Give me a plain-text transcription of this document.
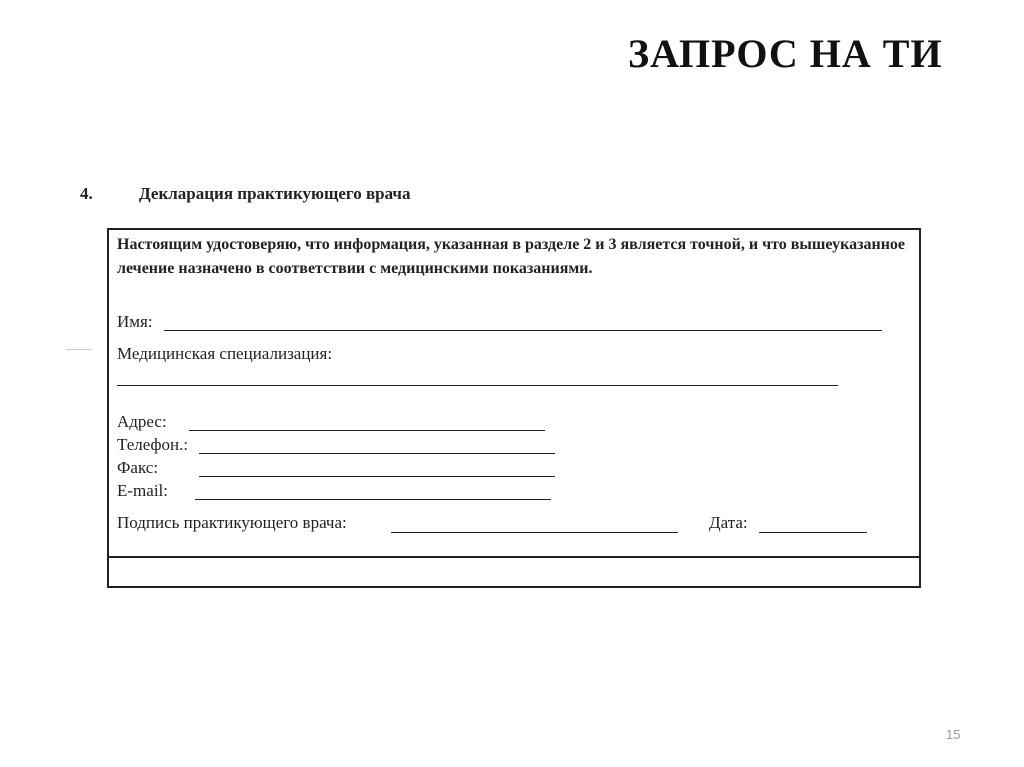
ЗАПРОС НА ТИ
4.	Декларация практикующего врача
Настоящим удостоверяю, что информация, указанная в разделе 2 и 3 является точной, и что вышеуказанное лечение назначено в соответствии с медицинскими показаниями.
Имя:
Медицинская специализация:
Адрес:
Телефон.:
Факс:
E-mail:
Подпись практикующего врача:	Дата:
15
